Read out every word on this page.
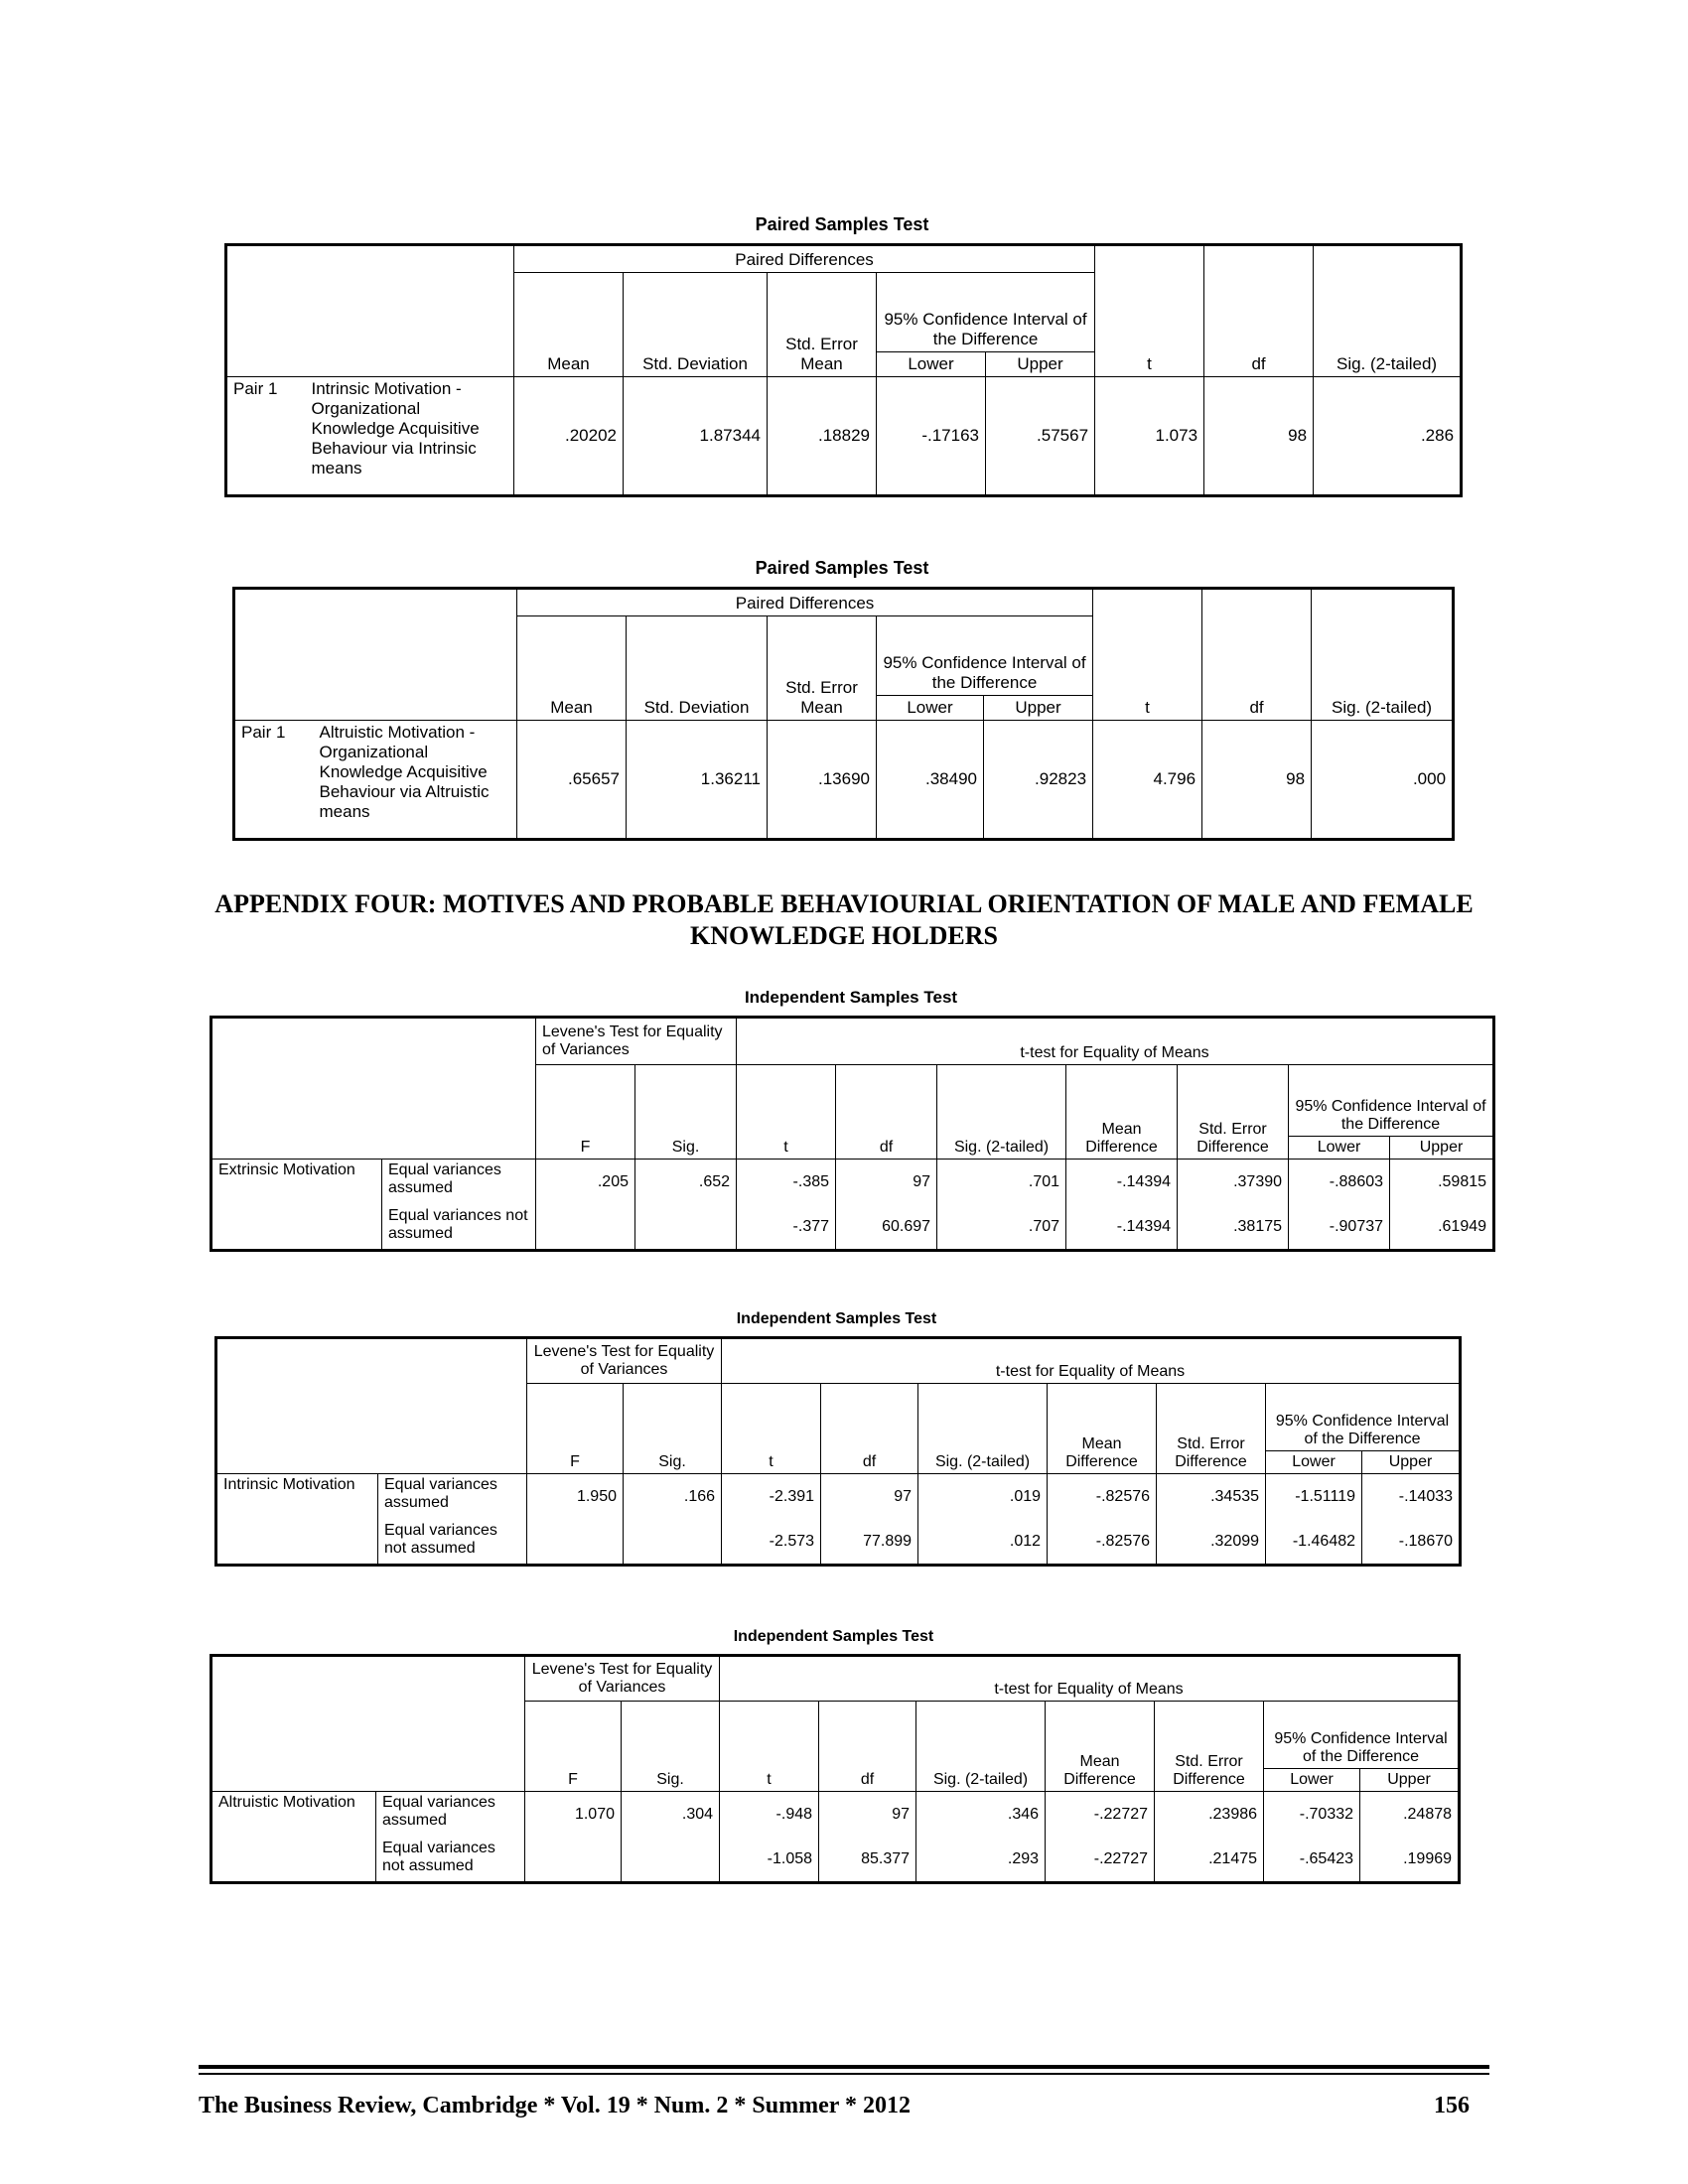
Paired Samples Test
		Paired Differences					t	df	Sig. (2-tailed)
		Mean	Std. Deviation	Std. Error Mean	95% Confidence Interval of the Difference				
					Lower	Upper			
Pair 1	Intrinsic Motivation - Organizational Knowledge Acquisitive Behaviour via Intrinsic means	.20202	1.87344	.18829	-.17163	.57567	1.073	98	.286
Paired Samples Test
		Paired Differences					t	df	Sig. (2-tailed)
		Mean	Std. Deviation	Std. Error Mean	95% Confidence Interval of the Difference				
					Lower	Upper			
Pair 1	Altruistic Motivation - Organizational Knowledge Acquisitive Behaviour via Altruistic means	.65657	1.36211	.13690	.38490	.92823	4.796	98	.000
APPENDIX FOUR: MOTIVES AND PROBABLE BEHAVIOURIAL ORIENTATION OF MALE AND FEMALE KNOWLEDGE HOLDERS
Independent Samples Test
		Levene's Test for Equality of Variances		t-test for Equality of Means						
		F	Sig.	t	df	Sig. (2-tailed)	Mean Difference	Std. Error Difference	95% Confidence Interval of the Difference	
									Lower	Upper
Extrinsic Motivation	Equal variances assumed	.205	.652	-.385	97	.701	-.14394	.37390	-.88603	.59815
	Equal variances not assumed			-.377	60.697	.707	-.14394	.38175	-.90737	.61949
Independent Samples Test
		Levene's Test for Equality of Variances		t-test for Equality of Means						
		F	Sig.	t	df	Sig. (2-tailed)	Mean Difference	Std. Error Difference	95% Confidence Interval of the Difference	
									Lower	Upper
Intrinsic Motivation	Equal variances assumed	1.950	.166	-2.391	97	.019	-.82576	.34535	-1.51119	-.14033
	Equal variances not assumed			-2.573	77.899	.012	-.82576	.32099	-1.46482	-.18670
Independent Samples Test
		Levene's Test for Equality of Variances		t-test for Equality of Means						
		F	Sig.	t	df	Sig. (2-tailed)	Mean Difference	Std. Error Difference	95% Confidence Interval of the Difference	
									Lower	Upper
Altruistic Motivation	Equal variances assumed	1.070	.304	-.948	97	.346	-.22727	.23986	-.70332	.24878
	Equal variances not assumed			-1.058	85.377	.293	-.22727	.21475	-.65423	.19969
The Business Review, Cambridge * Vol. 19 * Num. 2 * Summer * 2012	156
